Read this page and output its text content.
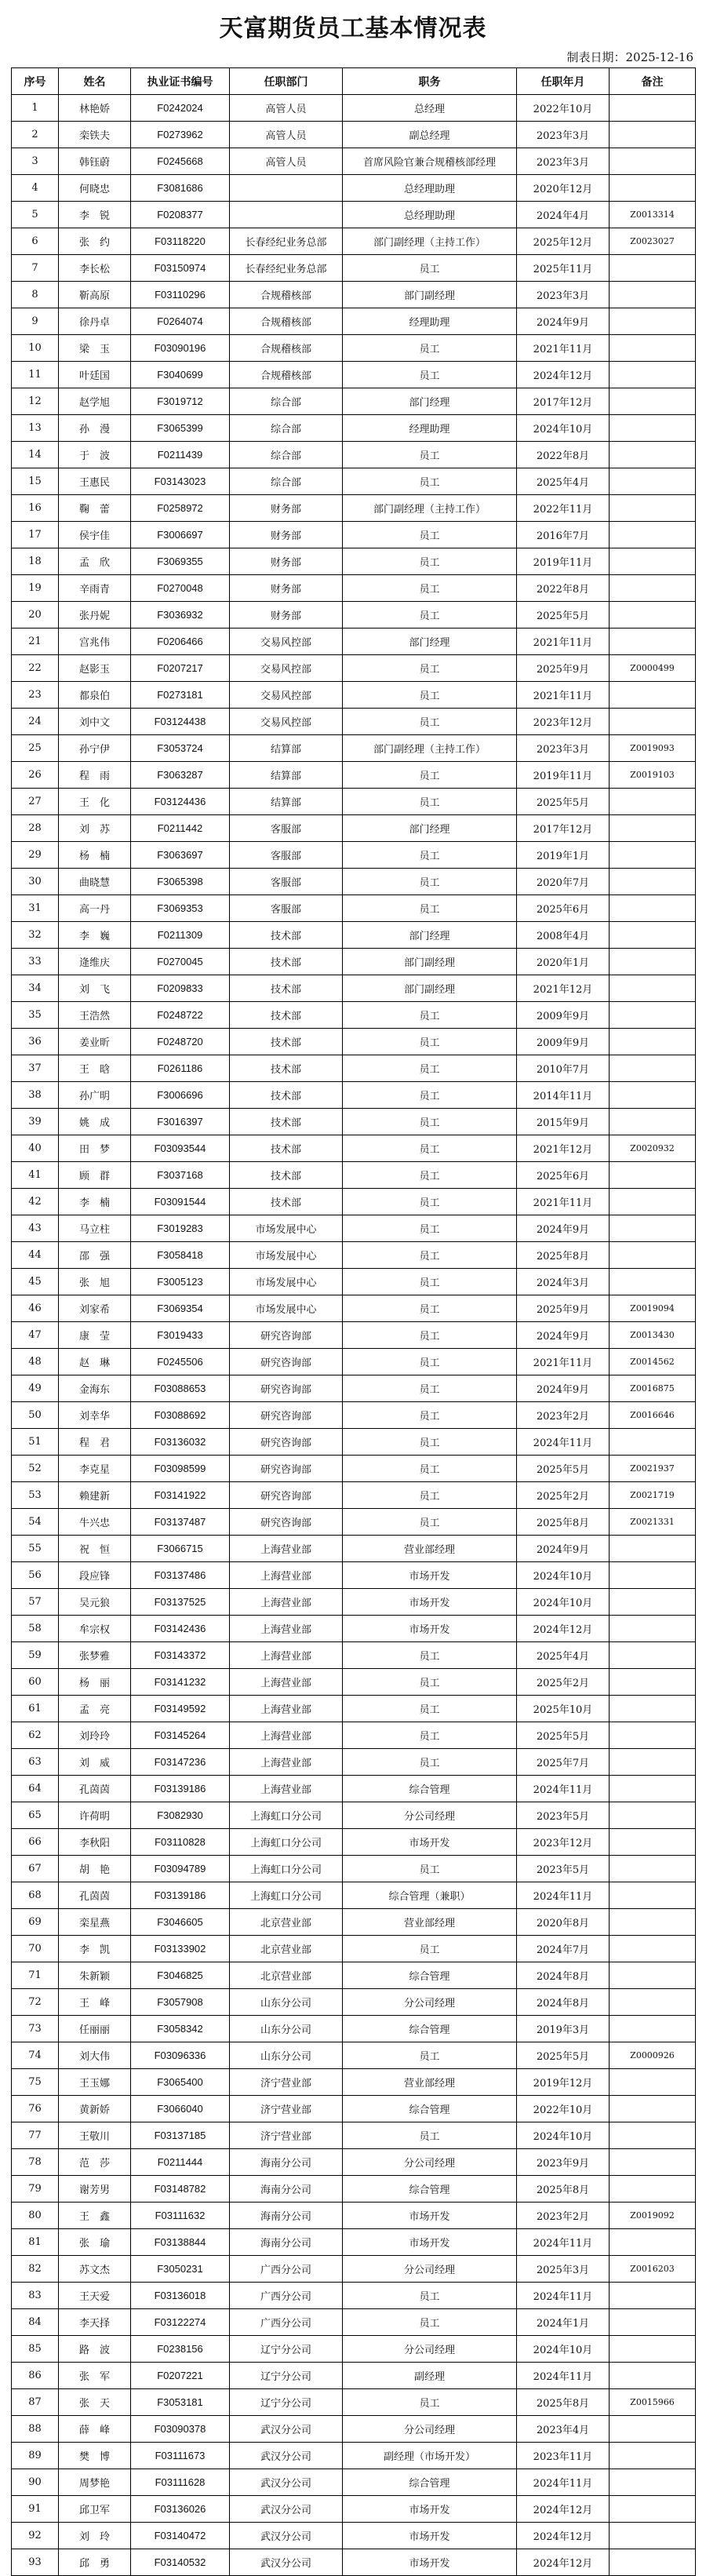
天富期货员工基本情况表
制表日期：2025-12-16
序号	姓名	执业证书编号	任职部门	职务	任职年月	备注
1	林艳娇	F0242024	高管人员	总经理	2022年10月	
2	栾铁夫	F0273962	高管人员	副总经理	2023年3月	
3	韩钰蔚	F0245668	高管人员	首席风险官兼合规稽核部经理	2023年3月	
4	何晓忠	F3081686		总经理助理	2020年12月	
5	李　锐	F0208377		总经理助理	2024年4月	Z0013314
6	张　约	F03118220	长春经纪业务总部	部门副经理（主持工作）	2025年12月	Z0023027
7	李长松	F03150974	长春经纪业务总部	员工	2025年11月	
8	靳高原	F03110296	合规稽核部	部门副经理	2023年3月	
9	徐丹卓	F0264074	合规稽核部	经理助理	2024年9月	
10	梁　玉	F03090196	合规稽核部	员工	2021年11月	
11	叶廷国	F3040699	合规稽核部	员工	2024年12月	
12	赵学旭	F3019712	综合部	部门经理	2017年12月	
13	孙　漫	F3065399	综合部	经理助理	2024年10月	
14	于　波	F0211439	综合部	员工	2022年8月	
15	王惠民	F03143023	综合部	员工	2025年4月	
16	鞠　蕾	F0258972	财务部	部门副经理（主持工作）	2022年11月	
17	侯宇佳	F3006697	财务部	员工	2016年7月	
18	孟　欣	F3069355	财务部	员工	2019年11月	
19	辛雨青	F0270048	财务部	员工	2022年8月	
20	张丹妮	F3036932	财务部	员工	2025年5月	
21	宫兆伟	F0206466	交易风控部	部门经理	2021年11月	
22	赵影玉	F0207217	交易风控部	员工	2025年9月	Z0000499
23	都泉伯	F0273181	交易风控部	员工	2021年11月	
24	刘中文	F03124438	交易风控部	员工	2023年12月	
25	孙宁伊	F3053724	结算部	部门副经理（主持工作）	2023年3月	Z0019093
26	程　雨	F3063287	结算部	员工	2019年11月	Z0019103
27	王　化	F03124436	结算部	员工	2025年5月	
28	刘　苏	F0211442	客服部	部门经理	2017年12月	
29	杨　楠	F3063697	客服部	员工	2019年1月	
30	曲晓慧	F3065398	客服部	员工	2020年7月	
31	高一丹	F3069353	客服部	员工	2025年6月	
32	李　巍	F0211309	技术部	部门经理	2008年4月	
33	逄维庆	F0270045	技术部	部门副经理	2020年1月	
34	刘　飞	F0209833	技术部	部门副经理	2021年12月	
35	王浩然	F0248722	技术部	员工	2009年9月	
36	姜业昕	F0248720	技术部	员工	2009年9月	
37	王　晗	F0261186	技术部	员工	2010年7月	
38	孙广明	F3006696	技术部	员工	2014年11月	
39	姚　成	F3016397	技术部	员工	2015年9月	
40	田　梦	F03093544	技术部	员工	2021年12月	Z0020932
41	顾　群	F3037168	技术部	员工	2025年6月	
42	李　楠	F03091544	技术部	员工	2021年11月	
43	马立柱	F3019283	市场发展中心	员工	2024年9月	
44	邵　强	F3058418	市场发展中心	员工	2025年8月	
45	张　旭	F3005123	市场发展中心	员工	2024年3月	
46	刘家希	F3069354	市场发展中心	员工	2025年9月	Z0019094
47	康　莹	F3019433	研究咨询部	员工	2024年9月	Z0013430
48	赵　琳	F0245506	研究咨询部	员工	2021年11月	Z0014562
49	金海东	F03088653	研究咨询部	员工	2024年9月	Z0016875
50	刘幸华	F03088692	研究咨询部	员工	2023年2月	Z0016646
51	程　君	F03136032	研究咨询部	员工	2024年11月	
52	李克星	F03098599	研究咨询部	员工	2025年5月	Z0021937
53	赖建新	F03141922	研究咨询部	员工	2025年2月	Z0021719
54	牛兴忠	F03137487	研究咨询部	员工	2025年8月	Z0021331
55	祝　恒	F3066715	上海营业部	营业部经理	2024年9月	
56	段应锋	F03137486	上海营业部	市场开发	2024年10月	
57	吴元狼	F03137525	上海营业部	市场开发	2024年10月	
58	牟宗权	F03142436	上海营业部	市场开发	2024年12月	
59	张梦雅	F03143372	上海营业部	员工	2025年4月	
60	杨　丽	F03141232	上海营业部	员工	2025年2月	
61	孟　亮	F03149592	上海营业部	员工	2025年10月	
62	刘玲玲	F03145264	上海营业部	员工	2025年5月	
63	刘　威	F03147236	上海营业部	员工	2025年7月	
64	孔茵茵	F03139186	上海营业部	综合管理	2024年11月	
65	许荷明	F3082930	上海虹口分公司	分公司经理	2023年5月	
66	李秋阳	F03110828	上海虹口分公司	市场开发	2023年12月	
67	胡　艳	F03094789	上海虹口分公司	员工	2023年5月	
68	孔茵茵	F03139186	上海虹口分公司	综合管理（兼职）	2024年11月	
69	栾星燕	F3046605	北京营业部	营业部经理	2020年8月	
70	李　凯	F03133902	北京营业部	员工	2024年7月	
71	朱新颖	F3046825	北京营业部	综合管理	2024年8月	
72	王　峰	F3057908	山东分公司	分公司经理	2024年8月	
73	任丽丽	F3058342	山东分公司	综合管理	2019年3月	
74	刘大伟	F03096336	山东分公司	员工	2025年5月	Z0000926
75	王玉娜	F3065400	济宁营业部	营业部经理	2019年12月	
76	黄新娇	F3066040	济宁营业部	综合管理	2022年10月	
77	王敬川	F03137185	济宁营业部	员工	2024年10月	
78	范　莎	F0211444	海南分公司	分公司经理	2023年9月	
79	谢芳男	F03148782	海南分公司	综合管理	2025年8月	
80	王　鑫	F03111632	海南分公司	市场开发	2023年2月	Z0019092
81	张　瑜	F03138844	海南分公司	市场开发	2024年11月	
82	苏文杰	F3050231	广西分公司	分公司经理	2025年3月	Z0016203
83	王天爱	F03136018	广西分公司	员工	2024年11月	
84	李天择	F03122274	广西分公司	员工	2024年1月	
85	路　波	F0238156	辽宁分公司	分公司经理	2024年10月	
86	张　军	F0207221	辽宁分公司	副经理	2024年11月	
87	张　天	F3053181	辽宁分公司	员工	2025年8月	Z0015966
88	薛　峰	F03090378	武汉分公司	分公司经理	2023年4月	
89	樊　博	F03111673	武汉分公司	副经理（市场开发）	2023年11月	
90	周梦艳	F03111628	武汉分公司	综合管理	2024年11月	
91	邱卫军	F03136026	武汉分公司	市场开发	2024年12月	
92	刘　玲	F03140472	武汉分公司	市场开发	2024年12月	
93	邱　勇	F03140532	武汉分公司	市场开发	2024年12月	
